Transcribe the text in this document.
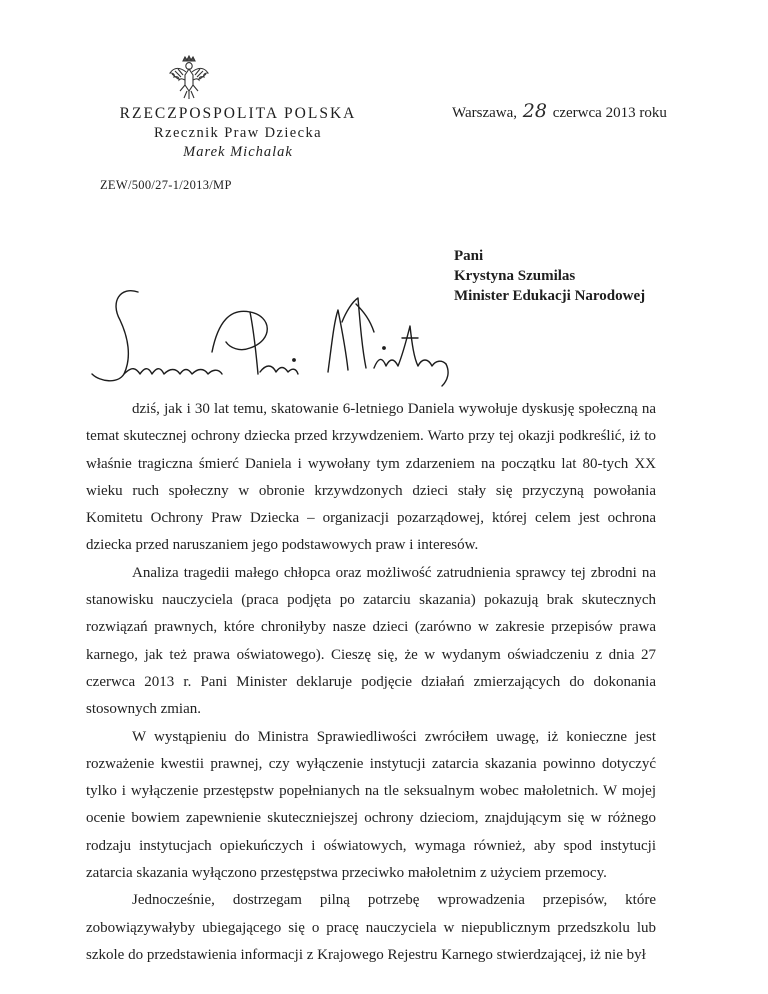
RZECZPOSPOLITA POLSKA
Rzecznik Praw Dziecka
Marek Michalak
ZEW/500/27-1/2013/MP
Warszawa, 28 czerwca 2013 roku
Pani
Krystyna Szumilas
Minister Edukacji Narodowej

dziś, jak i 30 lat temu, skatowanie 6-letniego Daniela wywołuje dyskusję społeczną na temat skutecznej ochrony dziecka przed krzywdzeniem. Warto przy tej okazji podkreślić, iż to właśnie tragiczna śmierć Daniela i wywołany tym zdarzeniem na początku lat 80-tych XX wieku ruch społeczny w obronie krzywdzonych dzieci stały się przyczyną powołania Komitetu Ochrony Praw Dziecka – organizacji pozarządowej, której celem jest ochrona dziecka przed naruszaniem jego podstawowych praw i interesów.

Analiza tragedii małego chłopca oraz możliwość zatrudnienia sprawcy tej zbrodni na stanowisku nauczyciela (praca podjęta po zatarciu skazania) pokazują brak skutecznych rozwiązań prawnych, które chroniłyby nasze dzieci (zarówno w zakresie przepisów prawa karnego, jak też prawa oświatowego). Cieszę się, że w wydanym oświadczeniu z dnia 27 czerwca 2013 r. Pani Minister deklaruje podjęcie działań zmierzających do dokonania stosownych zmian.

W wystąpieniu do Ministra Sprawiedliwości zwróciłem uwagę, iż konieczne jest rozważenie kwestii prawnej, czy wyłączenie instytucji zatarcia skazania powinno dotyczyć tylko i wyłączenie przestępstw popełnianych na tle seksualnym wobec małoletnich. W mojej ocenie bowiem zapewnienie skuteczniejszej ochrony dzieciom, znajdującym się w różnego rodzaju instytucjach opiekuńczych i oświatowych, wymaga również, aby spod instytucji zatarcia skazania wyłączono przestępstwa przeciwko małoletnim z użyciem przemocy.

Jednocześnie, dostrzegam pilną potrzebę wprowadzenia przepisów, które zobowiązywałyby ubiegającego się o pracę nauczyciela w niepublicznym przedszkolu lub szkole do przedstawienia informacji z Krajowego Rejestru Karnego stwierdzającej, iż nie był
